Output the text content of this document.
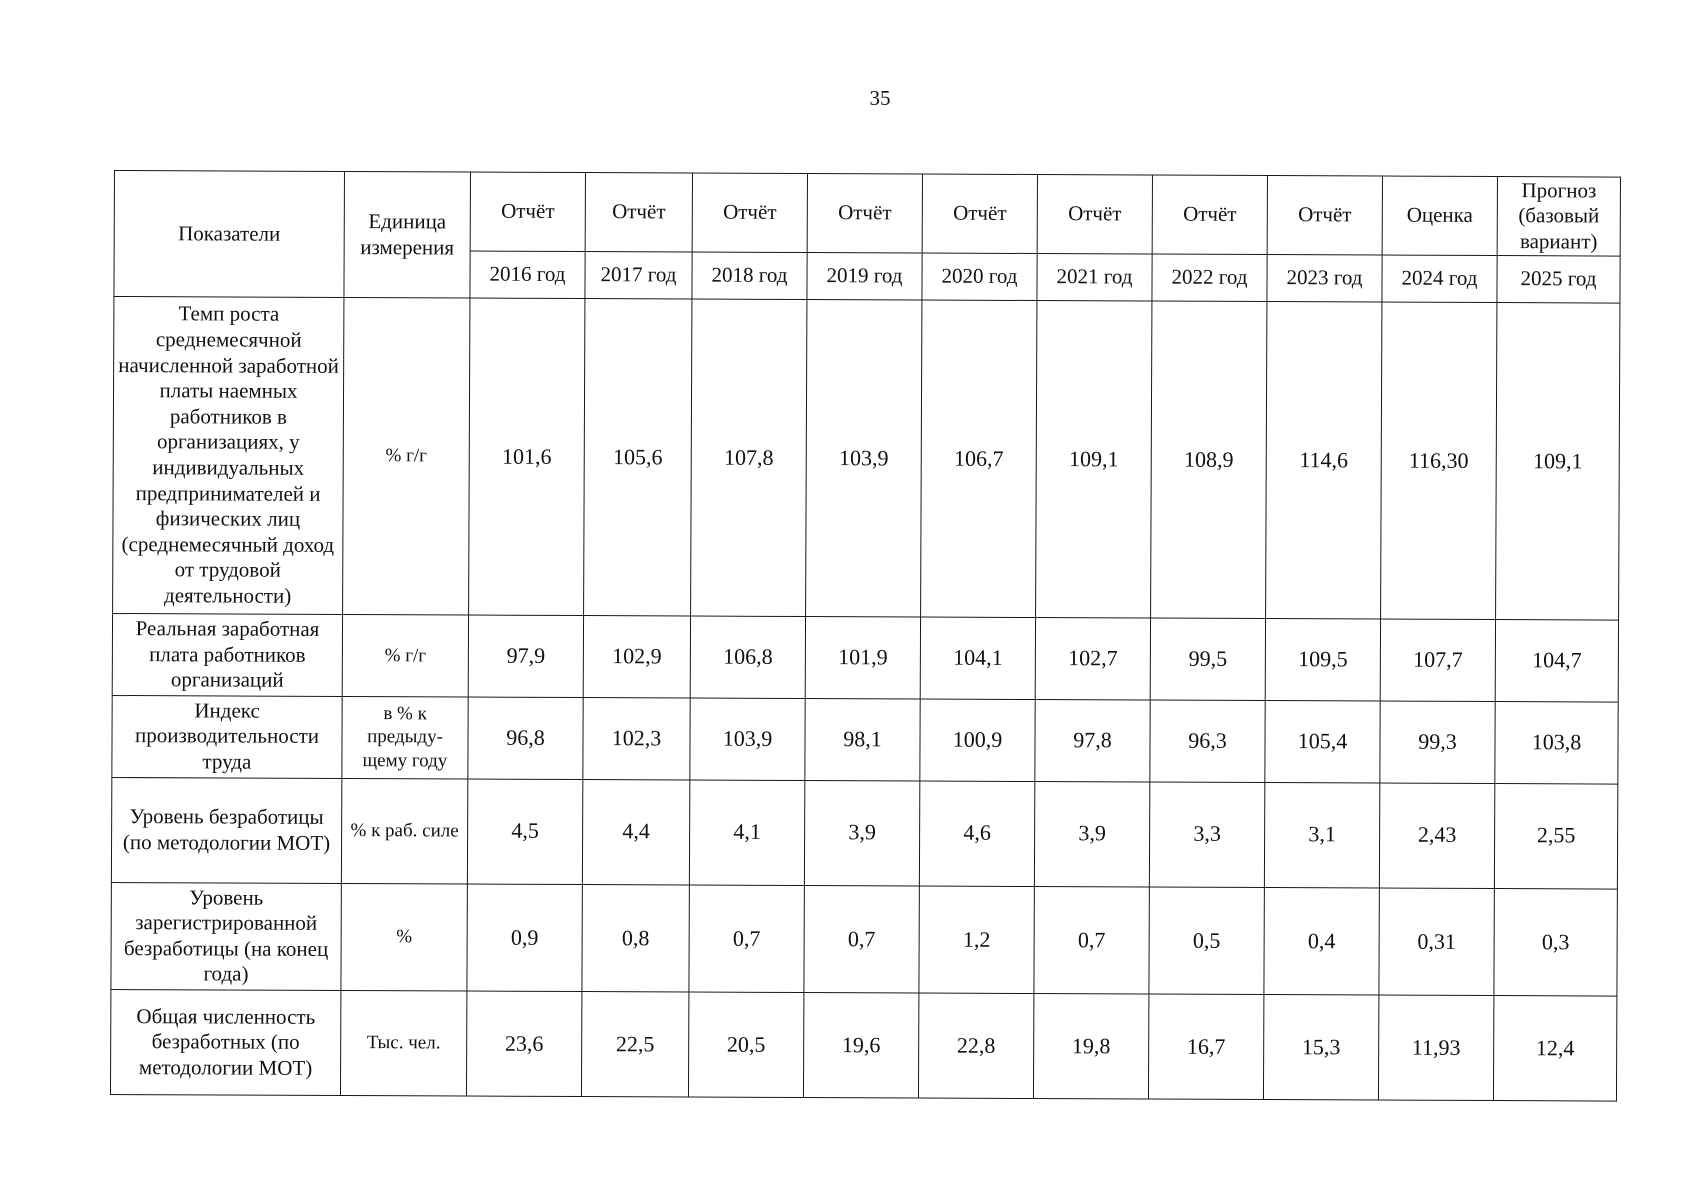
35
Показатели	Единица измерения	Отчёт	Отчёт	Отчёт	Отчёт	Отчёт	Отчёт	Отчёт	Отчёт	Оценка	Прогноз (базовый вариант)
		2016 год	2017 год	2018 год	2019 год	2020 год	2021 год	2022 год	2023 год	2024 год	2025 год
Темп роста среднемесячной начисленной заработной платы наемных работников в организациях, у индивидуальных предпринимателей и физических лиц (среднемесячный доход от трудовой деятельности)	% г/г	101,6	105,6	107,8	103,9	106,7	109,1	108,9	114,6	116,30	109,1
Реальная заработная плата работников организаций	% г/г	97,9	102,9	106,8	101,9	104,1	102,7	99,5	109,5	107,7	104,7
Индекс производительности труда	в % к предыду-щему году	96,8	102,3	103,9	98,1	100,9	97,8	96,3	105,4	99,3	103,8
Уровень безработицы (по методологии МОТ)	% к раб. силе	4,5	4,4	4,1	3,9	4,6	3,9	3,3	3,1	2,43	2,55
Уровень зарегистрированной безработицы (на конец года)	%	0,9	0,8	0,7	0,7	1,2	0,7	0,5	0,4	0,31	0,3
Общая численность безработных (по методологии МОТ)	Тыс. чел.	23,6	22,5	20,5	19,6	22,8	19,8	16,7	15,3	11,93	12,4
